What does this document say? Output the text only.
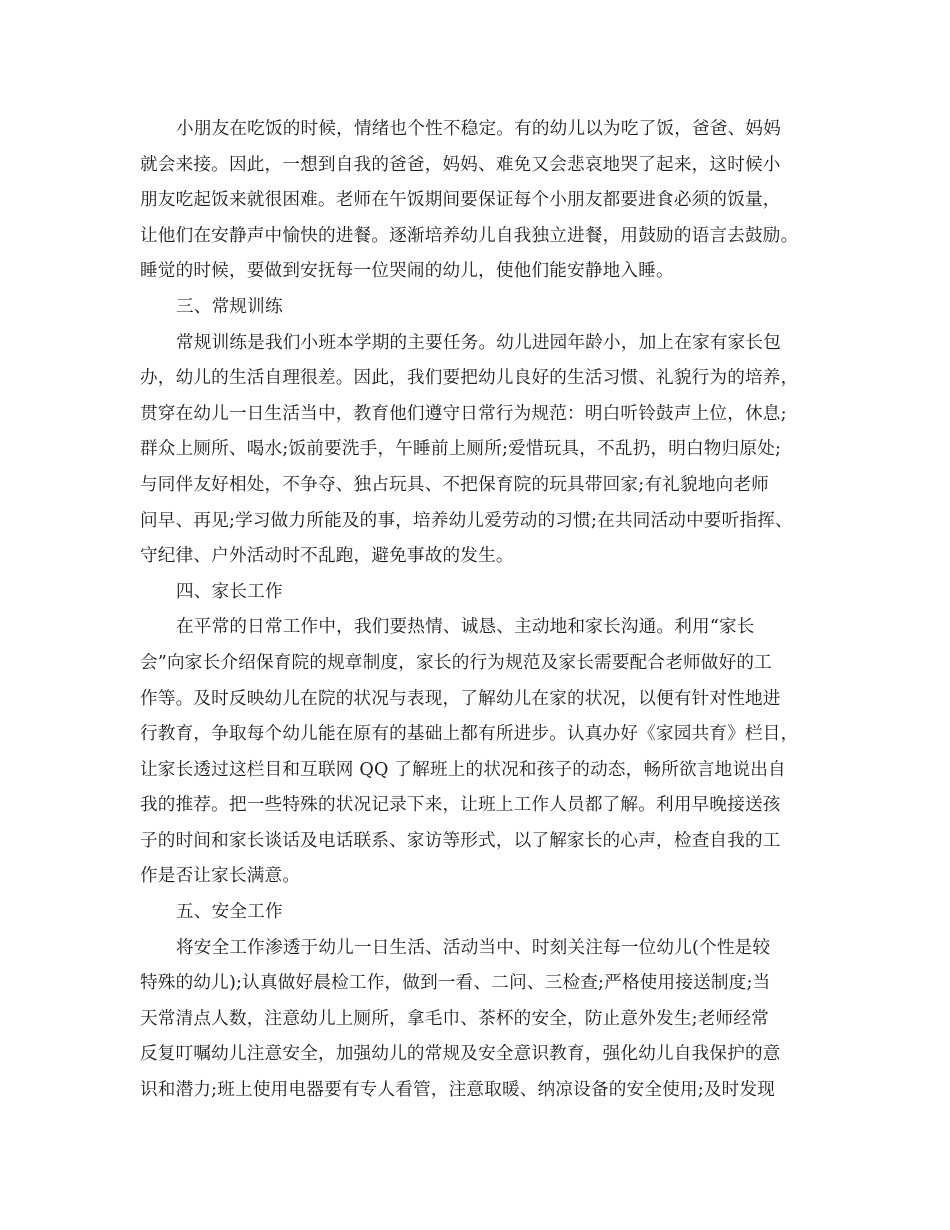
小朋友在吃饭的时候，情绪也个性不稳定。有的幼儿以为吃了饭，爸爸、妈妈
就会来接。因此，一想到自我的爸爸，妈妈、难免又会悲哀地哭了起来，这时候小
朋友吃起饭来就很困难。老师在午饭期间要保证每个小朋友都要进食必须的饭量，
让他们在安静声中愉快的进餐。逐渐培养幼儿自我独立进餐，用鼓励的语言去鼓励。
睡觉的时候，要做到安抚每一位哭闹的幼儿，使他们能安静地入睡。
三、常规训练
常规训练是我们小班本学期的主要任务。幼儿进园年龄小，加上在家有家长包
办，幼儿的生活自理很差。因此，我们要把幼儿良好的生活习惯、礼貌行为的培养，
贯穿在幼儿一日生活当中，教育他们遵守日常行为规范：明白听铃鼓声上位，休息;
群众上厕所、喝水;饭前要洗手，午睡前上厕所;爱惜玩具，不乱扔，明白物归原处;
与同伴友好相处，不争夺、独占玩具、不把保育院的玩具带回家;有礼貌地向老师
问早、再见;学习做力所能及的事，培养幼儿爱劳动的习惯;在共同活动中要听指挥、
守纪律、户外活动时不乱跑，避免事故的发生。
四、家长工作
在平常的日常工作中，我们要热情、诚恳、主动地和家长沟通。利用“家长
会”向家长介绍保育院的规章制度，家长的行为规范及家长需要配合老师做好的工
作等。及时反映幼儿在院的状况与表现，了解幼儿在家的状况，以便有针对性地进
行教育，争取每个幼儿能在原有的基础上都有所进步。认真办好《家园共育》栏目，
让家长透过这栏目和互联网 QQ 了解班上的状况和孩子的动态，畅所欲言地说出自
我的推荐。把一些特殊的状况记录下来，让班上工作人员都了解。利用早晚接送孩
子的时间和家长谈话及电话联系、家访等形式，以了解家长的心声，检查自我的工
作是否让家长满意。
五、安全工作
将安全工作渗透于幼儿一日生活、活动当中、时刻关注每一位幼儿(个性是较
特殊的幼儿);认真做好晨检工作，做到一看、二问、三检查;严格使用接送制度;当
天常清点人数，注意幼儿上厕所，拿毛巾、茶杯的安全，防止意外发生;老师经常
反复叮嘱幼儿注意安全，加强幼儿的常规及安全意识教育，强化幼儿自我保护的意
识和潜力;班上使用电器要有专人看管，注意取暖、纳凉设备的安全使用;及时发现
